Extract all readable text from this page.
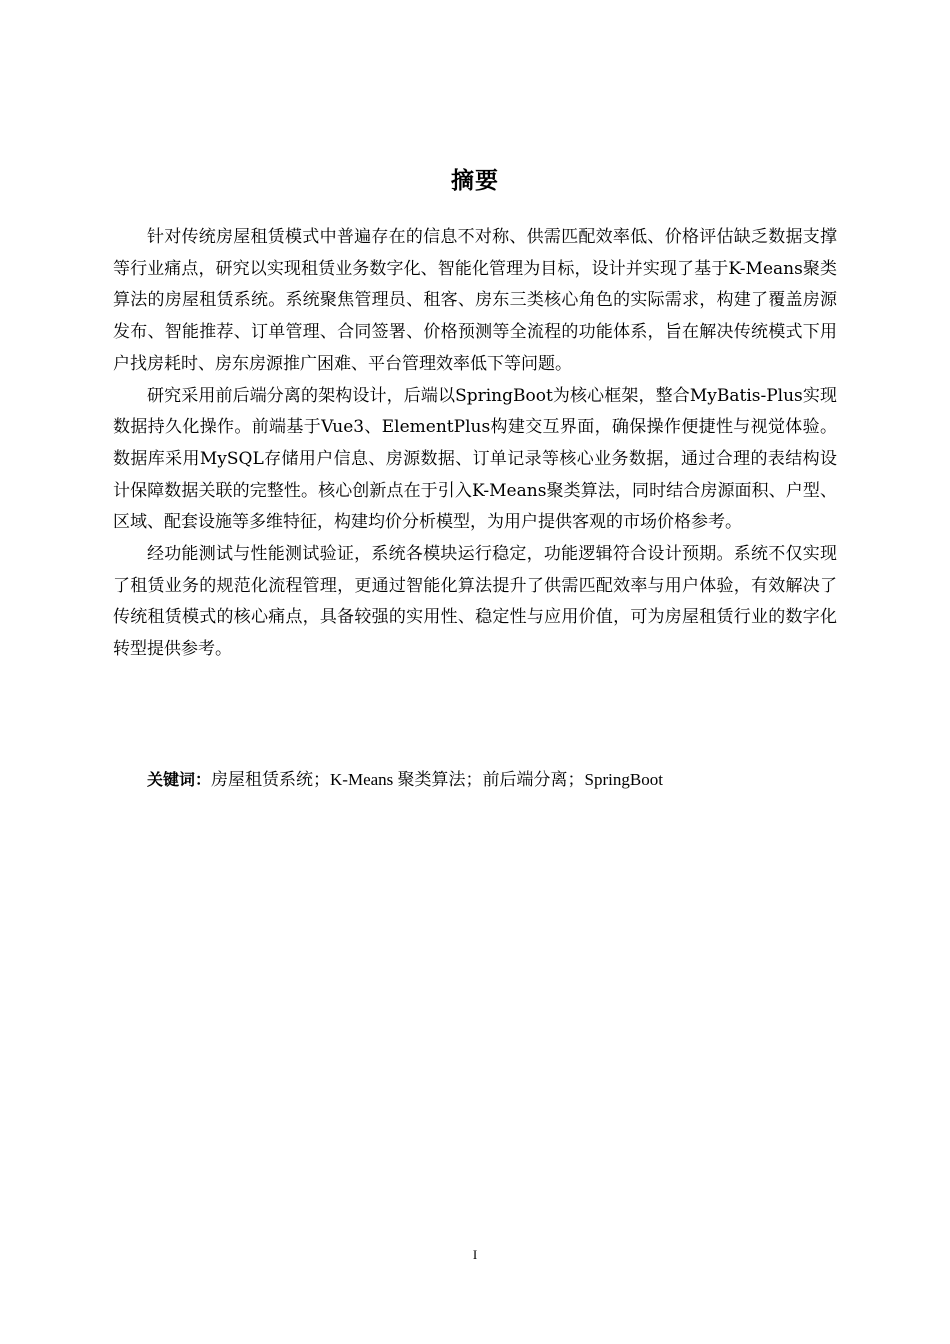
摘要

针对传统房屋租赁模式中普遍存在的信息不对称、供需匹配效率低、价格评估缺乏数据支撑等行业痛点，研究以实现租赁业务数字化、智能化管理为目标，设计并实现了基于K-Means聚类算法的房屋租赁系统。系统聚焦管理员、租客、房东三类核心角色的实际需求，构建了覆盖房源发布、智能推荐、订单管理、合同签署、价格预测等全流程的功能体系，旨在解决传统模式下用户找房耗时、房东房源推广困难、平台管理效率低下等问题。

研究采用前后端分离的架构设计，后端以SpringBoot为核心框架，整合MyBatis-Plus实现数据持久化操作。前端基于Vue3、ElementPlus构建交互界面，确保操作便捷性与视觉体验。数据库采用MySQL存储用户信息、房源数据、订单记录等核心业务数据，通过合理的表结构设计保障数据关联的完整性。核心创新点在于引入K-Means聚类算法，同时结合房源面积、户型、区域、配套设施等多维特征，构建均价分析模型，为用户提供客观的市场价格参考。

经功能测试与性能测试验证，系统各模块运行稳定，功能逻辑符合设计预期。系统不仅实现了租赁业务的规范化流程管理，更通过智能化算法提升了供需匹配效率与用户体验，有效解决了传统租赁模式的核心痛点，具备较强的实用性、稳定性与应用价值，可为房屋租赁行业的数字化转型提供参考。

关键词：房屋租赁系统；K-Means 聚类算法；前后端分离；SpringBoot
I
